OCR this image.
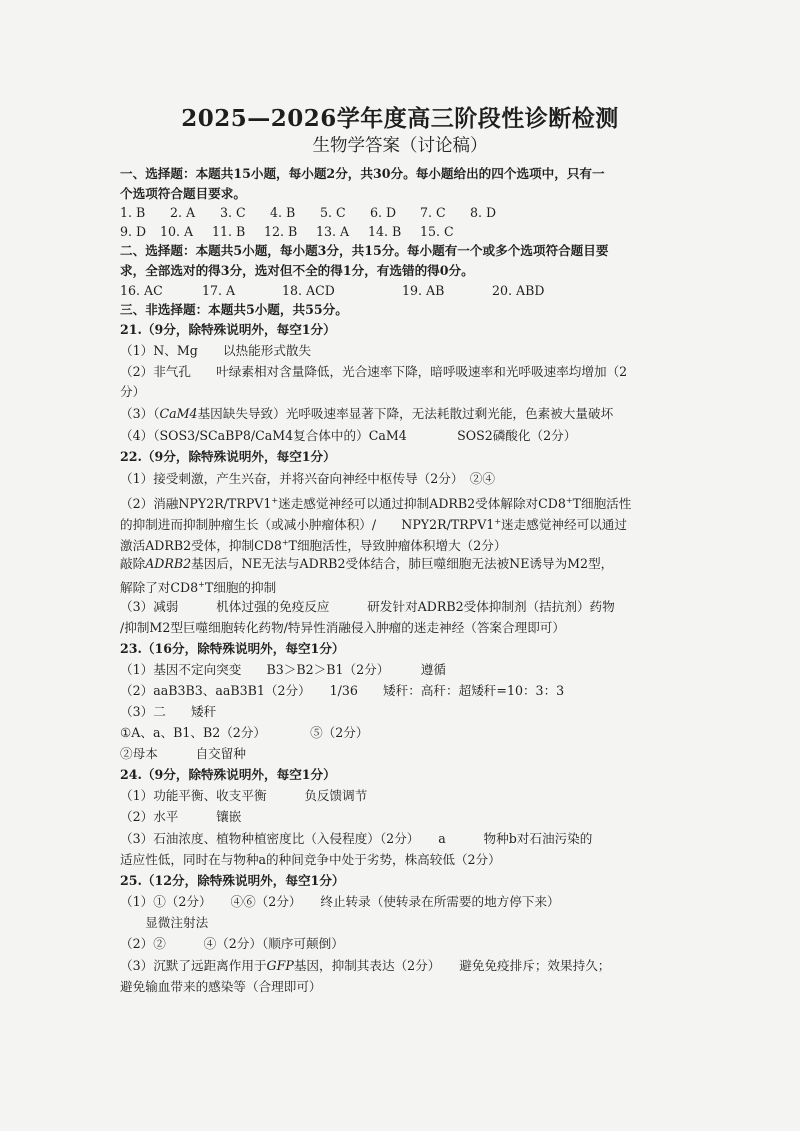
2025—2026学年度高三阶段性诊断检测
生物学答案（讨论稿）
一、选择题：本题共15小题，每小题2分，共30分。每小题给出的四个选项中，只有一
个选项符合题目要求。
1. B 2. A 3. C 4. B 5. C 6. D 7. C 8. D
9. D 10. A 11. B 12. B 13. A 14. B 15. C
二、选择题：本题共5小题，每小题3分，共15分。每小题有一个或多个选项符合题目要
求，全部选对的得3分，选对但不全的得1分，有选错的得0分。
16. AC	17. A	18. ACD	19. AB	20. ABD
三、非选择题：本题共5小题，共55分。
21.（9分，除特殊说明外，每空1分）
（1）N、Mg　　以热能形式散失
（2）非气孔　　叶绿素相对含量降低，光合速率下降，暗呼吸速率和光呼吸速率均增加（2
分）
（3）（CaM4基因缺失导致）光呼吸速率显著下降，无法耗散过剩光能，色素被大量破坏
（4）（SOS3/SCaBP8/CaM4复合体中的）CaM4　　　　SOS2磷酸化（2分）
22.（9分，除特殊说明外，每空1分）
（1）接受刺激，产生兴奋，并将兴奋向神经中枢传导（2分）　②④
（2）消融NPY2R/TRPV1+迷走感觉神经可以通过抑制ADRB2受体解除对CD8+T细胞活性
的抑制进而抑制肿瘤生长（或减小肿瘤体积）/　　NPY2R/TRPV1+迷走感觉神经可以通过
激活ADRB2受体，抑制CD8+T细胞活性，导致肿瘤体积增大（2分）
敲除ADRB2基因后，NE无法与ADRB2受体结合，肺巨噬细胞无法被NE诱导为M2型，
解除了对CD8+T细胞的抑制
（3）减弱　　　机体过强的免疫反应　　　研发针对ADRB2受体抑制剂（拮抗剂）药物
/抑制M2型巨噬细胞转化药物/特异性消融侵入肿瘤的迷走神经（答案合理即可）
23.（16分，除特殊说明外，每空1分）
（1）基因不定向突变　　B3＞B2＞B1（2分）　　　遵循
（2）aaB3B3、aaB3B1（2分）　　1/36　　矮秆：高秆：超矮秆=10：3：3
（3）二　　矮秆
①A、a、B1、B2（2分）　　　　⑤（2分）
②母本　　　自交留种
24.（9分，除特殊说明外，每空1分）
（1）功能平衡、收支平衡　　　负反馈调节
（2）水平　　　镶嵌
（3）石油浓度、植物种植密度比（入侵程度）（2分）　　a　　　物种b对石油污染的
适应性低，同时在与物种a的种间竞争中处于劣势，株高较低（2分）
25.（12分，除特殊说明外，每空1分）
（1）①（2分）　　④⑥（2分）　　终止转录（使转录在所需要的地方停下来）
　　显微注射法
（2）②　　　④（2分）（顺序可颠倒）
（3）沉默了远距离作用于GFP基因，抑制其表达（2分）　　避免免疫排斥；效果持久；
避免输血带来的感染等（合理即可）
